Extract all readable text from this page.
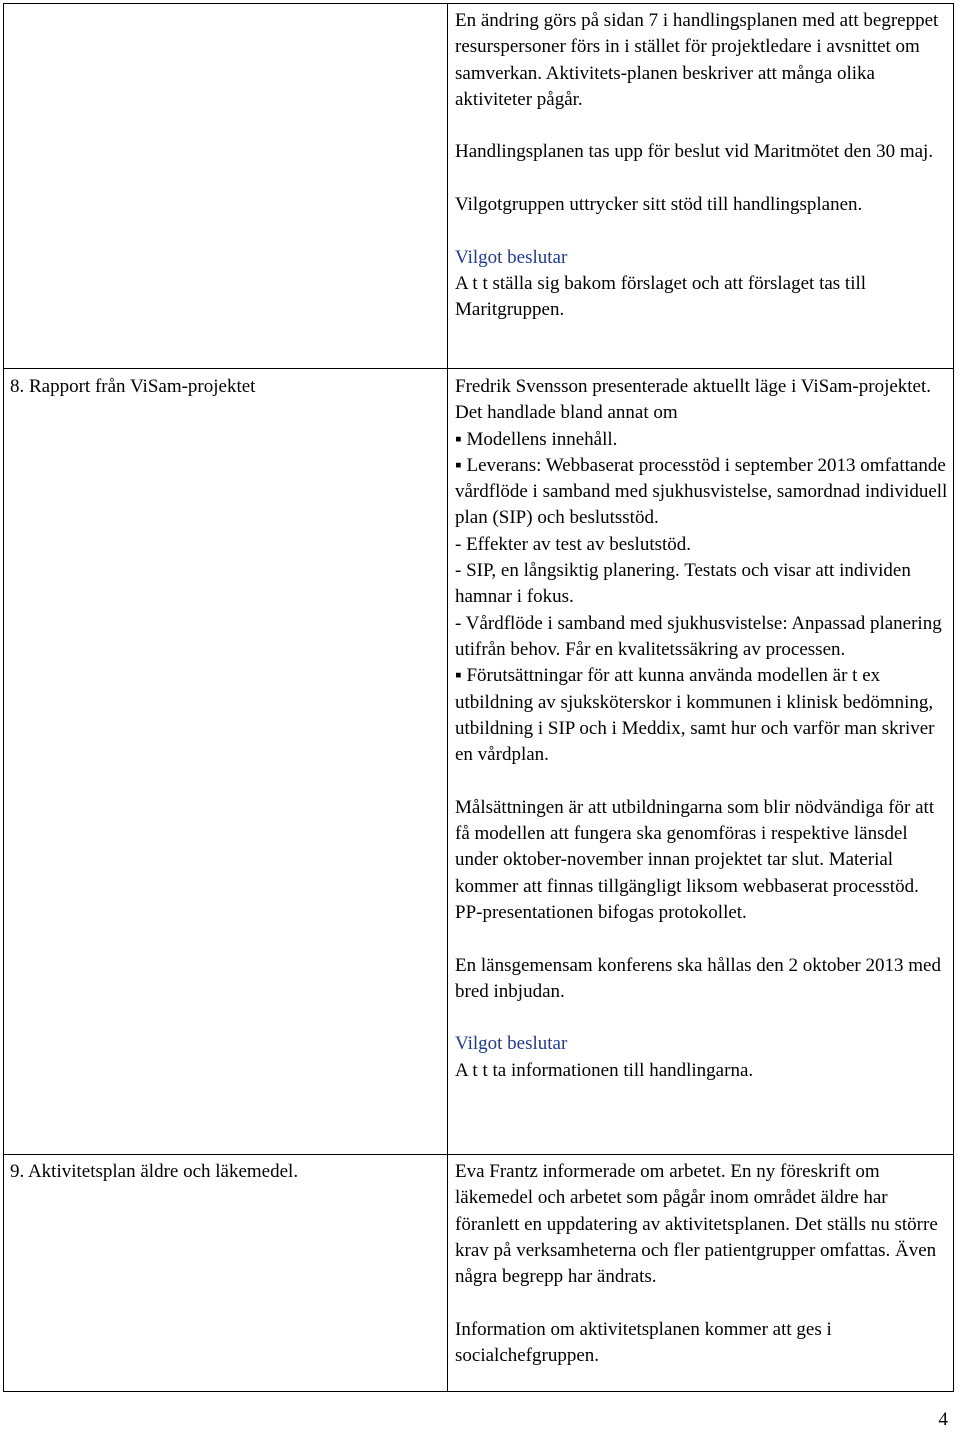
En ändring görs på sidan 7 i handlingsplanen med att begreppet resurspersoner förs in i stället för projektledare i avsnittet om samverkan. Aktivitets-planen beskriver att många olika aktiviteter pågår.

Handlingsplanen tas upp för beslut vid Maritmötet den 30 maj.

Vilgotgruppen uttrycker sitt stöd till handlingsplanen.

Vilgot beslutar

A t t ställa sig bakom förslaget och att förslaget tas till Maritgruppen.

8. Rapport från ViSam-projektet	Fredrik Svensson presenterade aktuellt läge i ViSam-projektet. Det handlade bland annat om

▪ Modellens innehåll.

▪ Leverans: Webbaserat processtöd i september 2013 omfattande vårdflöde i samband med sjukhusvistelse, samordnad individuell plan (SIP) och beslutsstöd.

- Effekter av test av beslutstöd.

- SIP, en långsiktig planering. Testats och visar att individen hamnar i fokus.

- Vårdflöde i samband med sjukhusvistelse: Anpassad planering utifrån behov. Får en kvalitetssäkring av processen.

▪ Förutsättningar för att kunna använda modellen är t ex utbildning av sjuksköterskor i kommunen i klinisk bedömning, utbildning i SIP och i Meddix, samt hur och varför man skriver en vårdplan.

Målsättningen är att utbildningarna som blir nödvändiga för att få modellen att fungera ska genomföras i respektive länsdel under oktober-november innan projektet tar slut. Material kommer att finnas tillgängligt liksom webbaserat processtöd. PP-presentationen bifogas protokollet.

En länsgemensam konferens ska hållas den 2 oktober 2013 med bred inbjudan.

Vilgot beslutar

A t t ta informationen till handlingarna.

9. Aktivitetsplan äldre och läkemedel.	Eva Frantz informerade om arbetet. En ny föreskrift om läkemedel och arbetet som pågår inom området äldre har föranlett en uppdatering av aktivitetsplanen. Det ställs nu större krav på verksamheterna och fler patientgrupper omfattas. Även några begrepp har ändrats.

Information om aktivitetsplanen kommer att ges i socialchefgruppen.

4
